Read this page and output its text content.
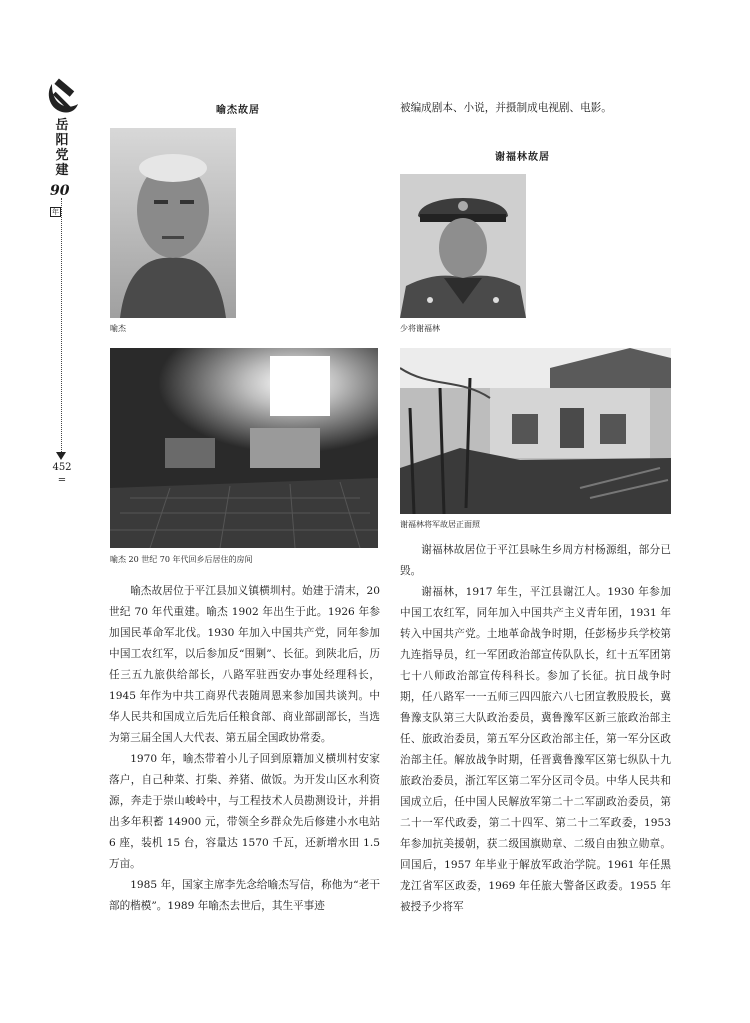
岳
阳
党
建
90年
452
=
喻杰故居
喻杰
喻杰 20 世纪 70 年代回乡后居住的房间

喻杰故居位于平江县加义镇横圳村。始建于清末，20 世纪 70 年代重建。喻杰 1902 年出生于此。1926 年参加国民革命军北伐。1930 年加入中国共产党，同年参加中国工农红军，以后参加反“围剿”、长征。到陕北后，历任三五九旅供给部长，八路军驻西安办事处经理科长，1945 年作为中共工商界代表随周恩来参加国共谈判。中华人民共和国成立后先后任粮食部、商业部副部长，当选为第三届全国人大代表、第五届全国政协常委。

1970 年，喻杰带着小儿子回到原籍加义横圳村安家落户，自己种菜、打柴、养猪、做饭。为开发山区水利资源，奔走于崇山峻岭中，与工程技术人员勘测设计，并捐出多年积蓄 14900 元，带领全乡群众先后修建小水电站 6 座，装机 15 台，容量达 1570 千瓦，还新增水田 1.5 万亩。

1985 年，国家主席李先念给喻杰写信，称他为“老干部的楷模”。1989 年喻杰去世后，其生平事迹

被编成剧本、小说，并摄制成电视剧、电影。

谢福林故居
少将谢福林
谢福林将军故居正面照

谢福林故居位于平江县咏生乡周方村杨源组，部分已毁。

谢福林，1917 年生，平江县谢江人。1930 年参加中国工农红军，同年加入中国共产主义青年团，1931 年转入中国共产党。土地革命战争时期，任彭杨步兵学校第九连指导员，红一军团政治部宣传队队长，红十五军团第七十八师政治部宣传科科长。参加了长征。抗日战争时期，任八路军一一五师三四四旅六八七团宣教股股长，冀鲁豫支队第三大队政治委员，冀鲁豫军区新三旅政治部主任、旅政治委员，第五军分区政治部主任，第一军分区政治部主任。解放战争时期，任晋冀鲁豫军区第七纵队十九旅政治委员，浙江军区第二军分区司令员。中华人民共和国成立后，任中国人民解放军第二十二军副政治委员，第二十一军代政委，第二十四军、第二十二军政委，1953 年参加抗美援朝，获二级国旗勋章、二级自由独立勋章。回国后，1957 年毕业于解放军政治学院。1961 年任黑龙江省军区政委，1969 年任旅大警备区政委。1955 年被授予少将军
